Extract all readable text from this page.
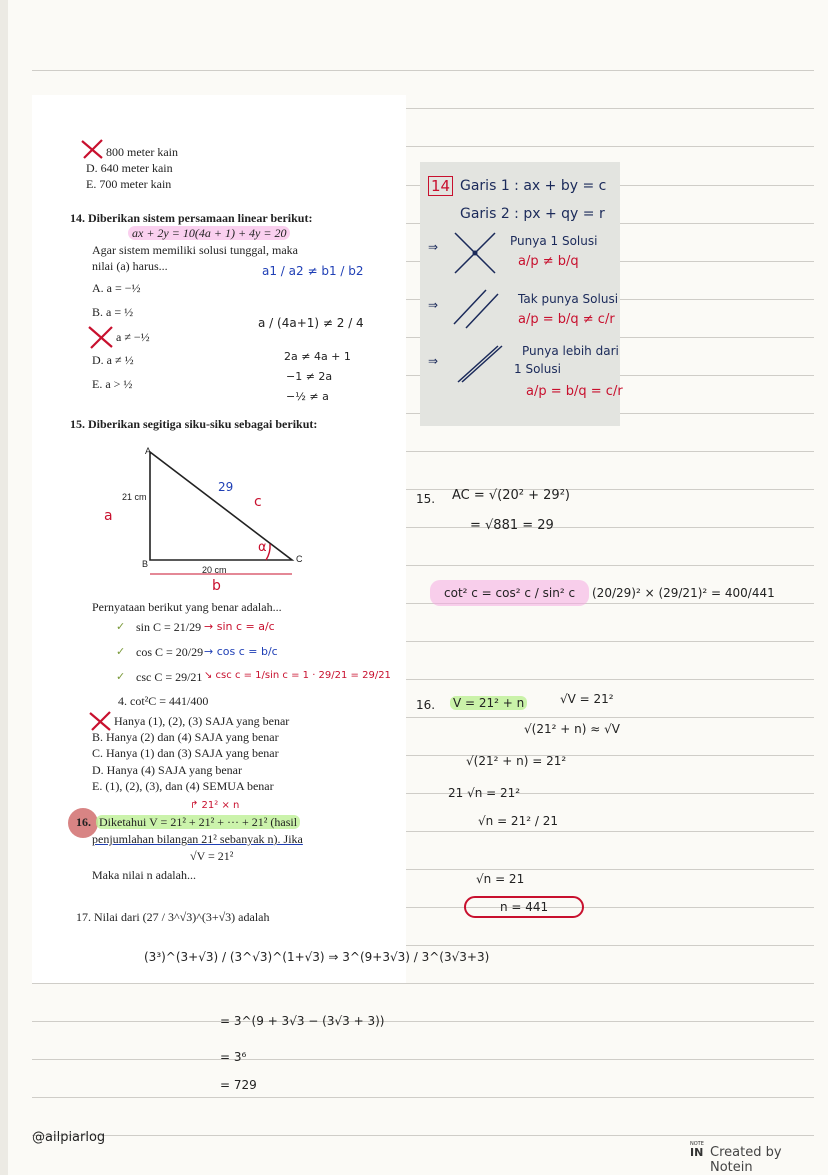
800 meter kain
D. 640 meter kain
E. 700 meter kain
14. Diberikan sistem persamaan linear berikut:
ax + 2y = 10(4a + 1) + 4y = 20
Agar sistem memiliki solusi tunggal, maka
nilai (a) harus...
A. a = −½
B. a = ½
a ≠ −½
D. a ≠ ½
E. a > ½
a1 / a2 ≠ b1 / b2
a / (4a+1) ≠ 2 / 4
2a ≠ 4a + 1
−1 ≠ 2a
−½ ≠ a
14 Garis 1 : ax + by = c
Garis 2 : px + qy = r
⇒	Punya 1 Solusi
a/p ≠ b/q
⇒	Tak punya Solusi
a/p = b/q ≠ c/r
⇒
Punya lebih dari
1 Solusi
a/p = b/q = c/r
15. Diberikan segitiga siku-siku sebagai berikut:
A
B	C
21 cm
20 cm
29
a
b
c
α
Pernyataan berikut yang benar adalah...
✓ sin C = 21/29 → sin c = a/c
✓ cos C = 20/29 → cos c = b/c
✓ csc C = 29/21 ↘ csc c = 1/sin c = 1 · 29/21 = 29/21
4. cot²C = 441/400
Hanya (1), (2), (3) SAJA yang benar
B. Hanya (2) dan (4) SAJA yang benar
C. Hanya (1) dan (3) SAJA yang benar
D. Hanya (4) SAJA yang benar
E. (1), (2), (3), dan (4) SEMUA benar
15. AC = √(20² + 29²)
= √881 = 29
cot² c = cos² c / sin² c	(20/29)² × (29/21)² = 400/441
16.
↱ 21² × n
Diketahui V = 21² + 21² + ··· + 21² (hasil
penjumlahan bilangan 21² sebanyak n). Jika
√V = 21²
Maka nilai n adalah...
16. V = 21² + n	√V = 21²
√(21² + n) ≈ √V
√(21² + n) = 21²
21 √n = 21²
√n = 21² / 21
√n = 21
n = 441
17. Nilai dari (27 / 3^√3)^(3+√3) adalah
(3³)^(3+√3) / (3^√3)^(1+√3) ⇒ 3^(9+3√3) / 3^(3√3+3)
= 3^(9 + 3√3 − (3√3 + 3))
= 3⁶
= 729
@ailpiarlog	NOTE
IN Created by Notein
